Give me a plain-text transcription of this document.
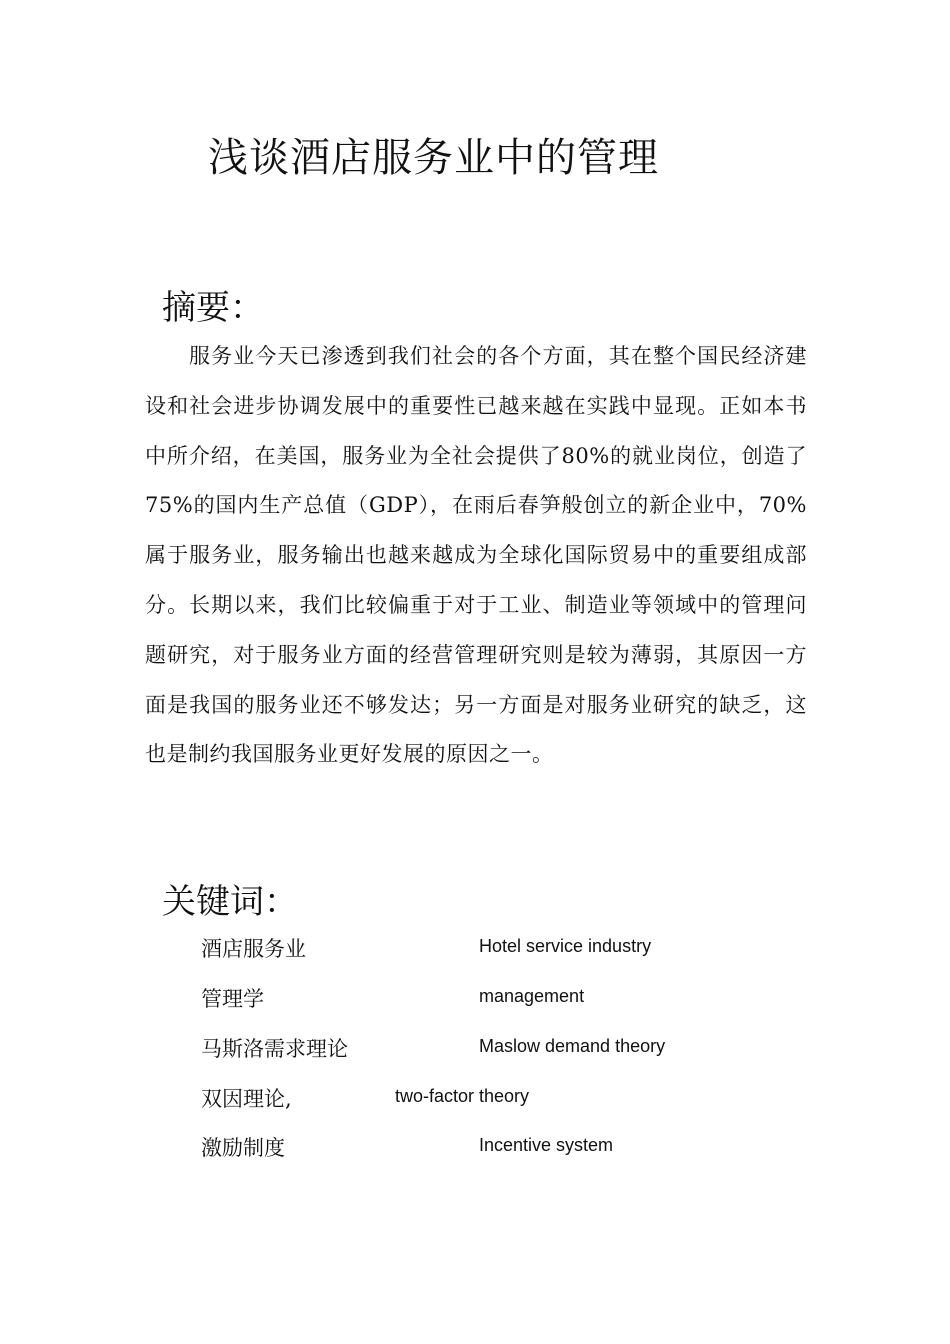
浅谈酒店服务业中的管理
摘要：

服务业今天已渗透到我们社会的各个方面，其在整个国民经济建设和社会进步协调发展中的重要性已越来越在实践中显现。正如本书中所介绍，在美国，服务业为全社会提供了80%的就业岗位，创造了75%的国内生产总值（GDP），在雨后春笋般创立的新企业中，70%属于服务业，服务输出也越来越成为全球化国际贸易中的重要组成部分。长期以来，我们比较偏重于对于工业、制造业等领域中的管理问题研究，对于服务业方面的经营管理研究则是较为薄弱，其原因一方面是我国的服务业还不够发达；另一方面是对服务业研究的缺乏，这也是制约我国服务业更好发展的原因之一。

关键词：
酒店服务业	Hotel service industry
管理学	management
马斯洛需求理论	Maslow demand theory
双因理论,	two-factor theory
激励制度	Incentive system
